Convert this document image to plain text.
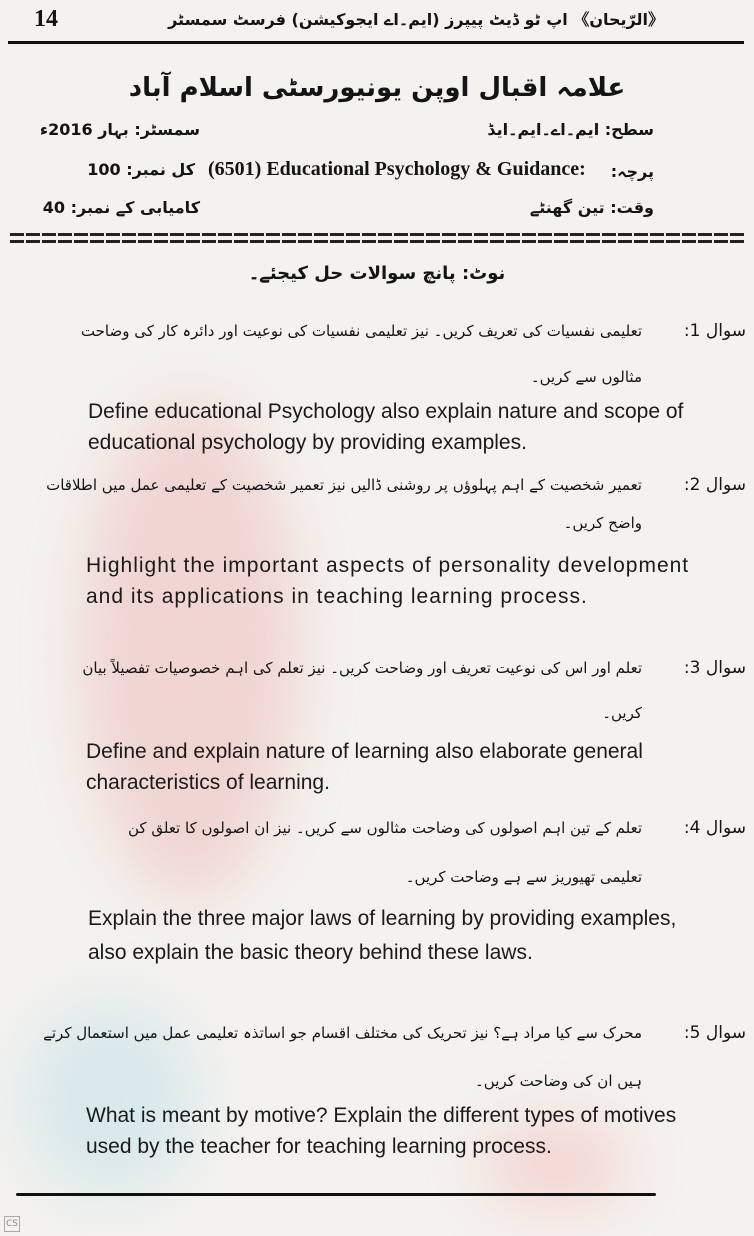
14	《الرّیحان》 اپ ٹو ڈیٹ پیپرز (ایم۔اے ایجوکیشن) فرسٹ سمسٹر
علامہ اقبال اوپن یونیورسٹی اسلام آباد
سمسٹر: بہار 2016ء	سطح: ایم۔اے۔ایم۔ایڈ
کل نمبر: 100 (6501) Educational Psychology & Guidance:	پرچہ:
کامیابی کے نمبر: 40	وقت: تین گھنٹے
نوٹ: پانچ سوالات حل کیجئے۔
سوال 1:
تعلیمی نفسیات کی تعریف کریں۔ نیز تعلیمی نفسیات کی نوعیت اور دائرہ کار کی وضاحت
مثالوں سے کریں۔
Define educational Psychology also explain nature and scope of educational psychology by providing examples.
سوال 2:
تعمیر شخصیت کے اہم پہلوؤں پر روشنی ڈالیں نیز تعمیر شخصیت کے تعلیمی عمل میں اطلاقات
واضح کریں۔
Highlight the important aspects of personality development and its applications in teaching learning process.
سوال 3:
تعلم اور اس کی نوعیت تعریف اور وضاحت کریں۔ نیز تعلم کی اہم خصوصیات تفصیلاً بیان
کریں۔
Define and explain nature of learning also elaborate general characteristics of learning.
سوال 4:
تعلم کے تین اہم اصولوں کی وضاحت مثالوں سے کریں۔ نیز ان اصولوں کا تعلق کن
تعلیمی تھیوریز سے ہے وضاحت کریں۔
Explain the three major laws of learning by providing examples, also explain the basic theory behind these laws.
سوال 5:
محرک سے کیا مراد ہے؟ نیز تحریک کی مختلف اقسام جو اساتذہ تعلیمی عمل میں استعمال کرتے
ہیں ان کی وضاحت کریں۔
What is meant by motive? Explain the different types of motives used by the teacher for teaching learning process.
CS
